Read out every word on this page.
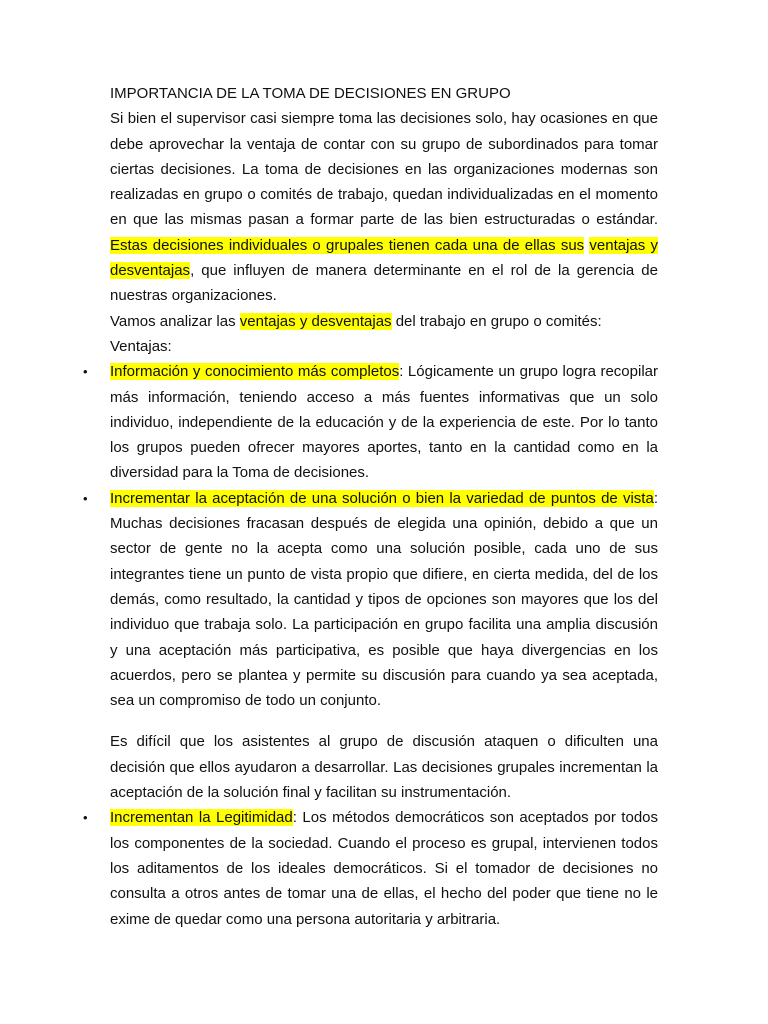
IMPORTANCIA DE LA TOMA DE DECISIONES EN GRUPO

Si bien el supervisor casi siempre toma las decisiones solo, hay ocasiones en que debe aprovechar la ventaja de contar con su grupo de subordinados para tomar ciertas decisiones. La toma de decisiones en las organizaciones modernas son realizadas en grupo o comités de trabajo, quedan individualizadas en el momento en que las mismas pasan a formar parte de las bien estructuradas o estándar. Estas decisiones individuales o grupales tienen cada una de ellas sus ventajas y desventajas, que influyen de manera determinante en el rol de la gerencia de nuestras organizaciones.

Vamos analizar las ventajas y desventajas del trabajo en grupo o comités:

Ventajas:

• Información y conocimiento más completos: Lógicamente un grupo logra recopilar más información, teniendo acceso a más fuentes informativas que un solo individuo, independiente de la educación y de la experiencia de este. Por lo tanto los grupos pueden ofrecer mayores aportes, tanto en la cantidad como en la diversidad para la Toma de decisiones.

• Incrementar la aceptación de una solución o bien la variedad de puntos de vista: Muchas decisiones fracasan después de elegida una opinión, debido a que un sector de gente no la acepta como una solución posible, cada uno de sus integrantes tiene un punto de vista propio que difiere, en cierta medida, del de los demás, como resultado, la cantidad y tipos de opciones son mayores que los del individuo que trabaja solo. La participación en grupo facilita una amplia discusión y una aceptación más participativa, es posible que haya divergencias en los acuerdos, pero se plantea y permite su discusión para cuando ya sea aceptada, sea un compromiso de todo un conjunto.

Es difícil que los asistentes al grupo de discusión ataquen o dificulten una decisión que ellos ayudaron a desarrollar. Las decisiones grupales incrementan la aceptación de la solución final y facilitan su instrumentación.

• Incrementan la Legitimidad: Los métodos democráticos son aceptados por todos los componentes de la sociedad. Cuando el proceso es grupal, intervienen todos los aditamentos de los ideales democráticos. Si el tomador de decisiones no consulta a otros antes de tomar una de ellas, el hecho del poder que tiene no le exime de quedar como una persona autoritaria y arbitraria.
